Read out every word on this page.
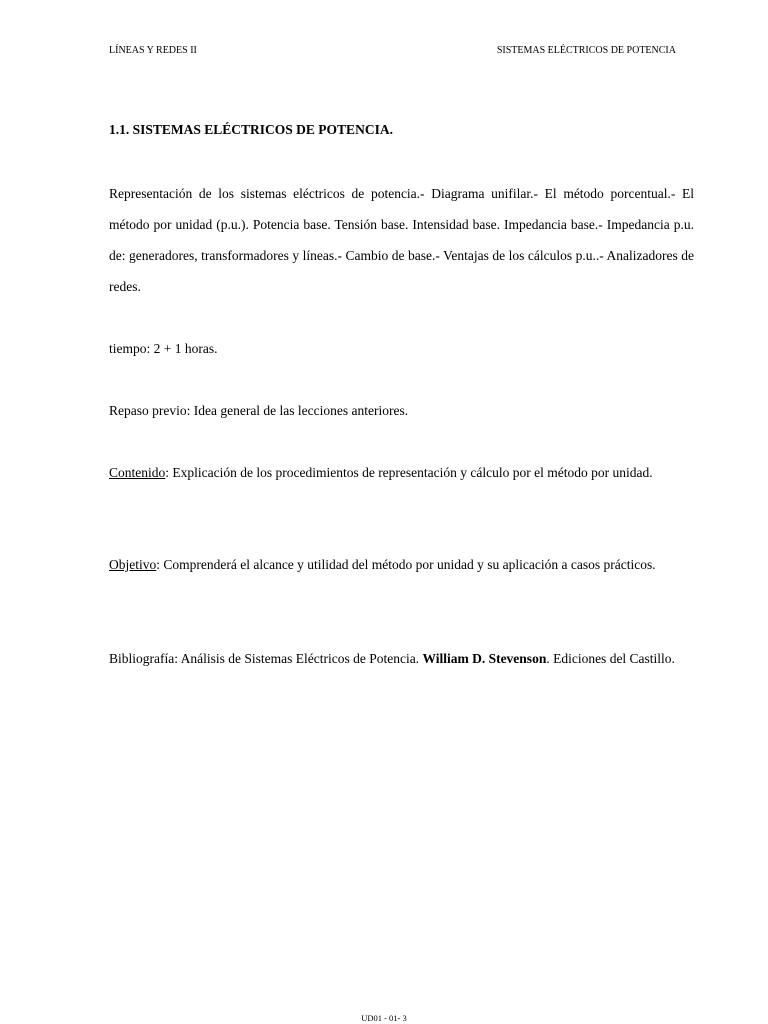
LÍNEAS Y REDES II	SISTEMAS ELÉCTRICOS DE POTENCIA
1.1. SISTEMAS ELÉCTRICOS DE POTENCIA.
Representación de los sistemas eléctricos de potencia.- Diagrama unifilar.- El método porcentual.- El método por unidad (p.u.). Potencia base. Tensión base. Intensidad base. Impedancia base.- Impedancia p.u. de: generadores, transformadores y líneas.- Cambio de base.- Ventajas de los cálculos p.u..- Analizadores de redes.
tiempo: 2 + 1 horas.
Repaso previo: Idea general de las lecciones anteriores.
Contenido: Explicación de los procedimientos de representación y cálculo por el método por unidad.
Objetivo: Comprenderá el alcance y utilidad del método por unidad y su aplicación a casos prácticos.
Bibliografía: Análisis de Sistemas Eléctricos de Potencia. William D. Stevenson. Ediciones del Castillo.
UD01 - 01- 3
